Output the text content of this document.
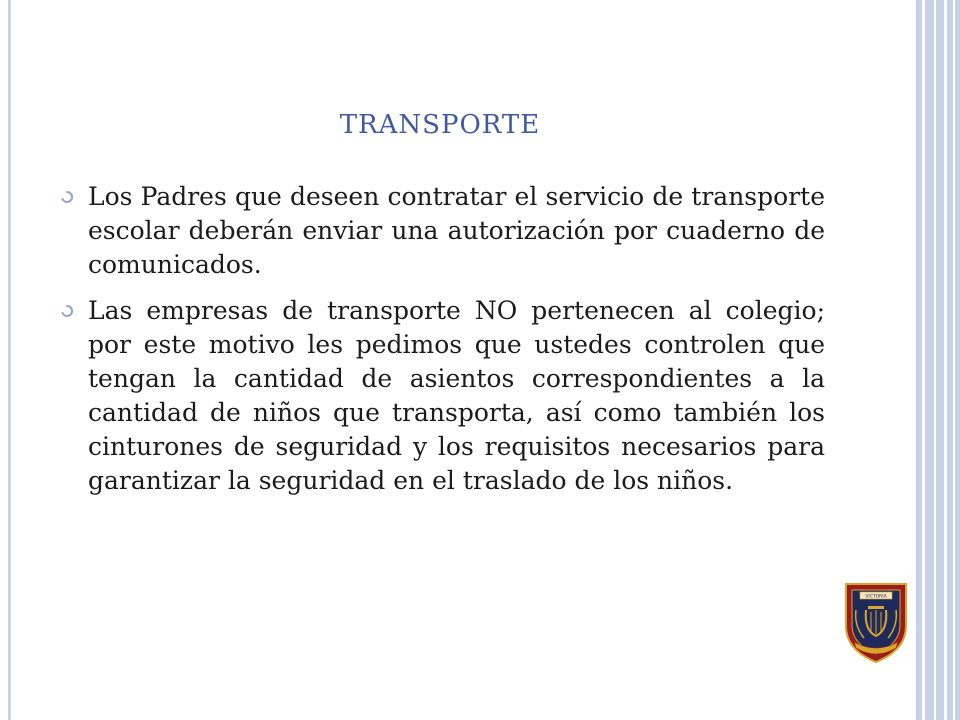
TRANSPORTE
Los Padres que deseen contratar el servicio de transporte escolar deberán enviar una autorización por cuaderno de comunicados.
Las empresas de transporte NO pertenecen al colegio; por este motivo les pedimos que ustedes controlen que tengan la cantidad de asientos correspondientes a la cantidad de niños que transporta, así como también los cinturones de seguridad y los requisitos necesarios para garantizar la seguridad en el traslado de los niños.
VICTORIA
